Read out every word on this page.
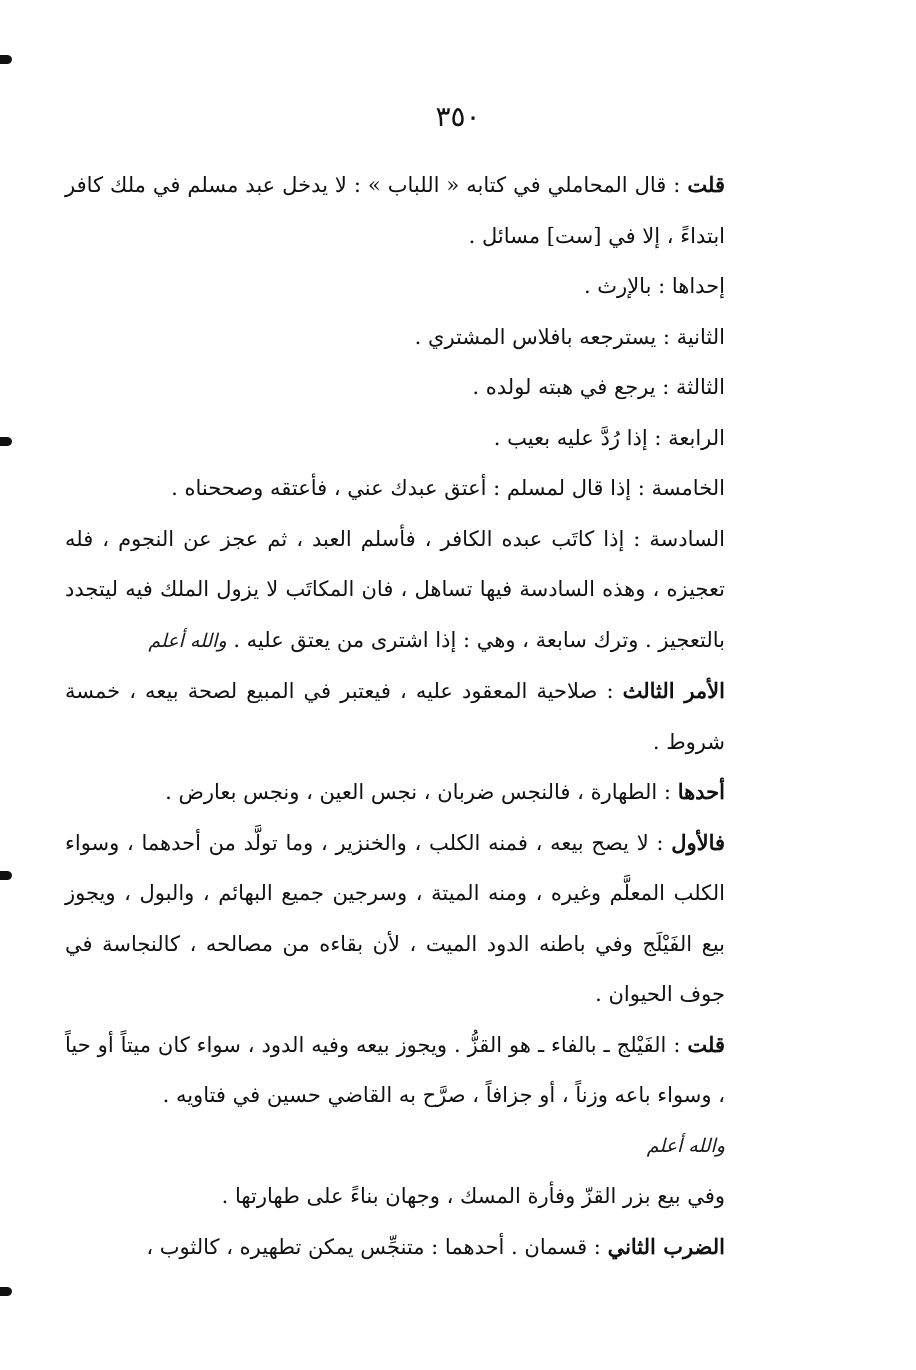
٣٥٠

قلت : قال المحاملي في كتابه « اللباب » : لا يدخل عبد مسلم في ملك كافر ابتداءً ، إلا في [ست] مسائل .

إحداها : بالإرث .

الثانية : يسترجعه بافلاس المشتري .

الثالثة : يرجع في هبته لولده .

الرابعة : إذا رُدَّ عليه بعيب .

الخامسة : إذا قال لمسلم : أعتق عبدك عني ، فأعتقه وصححناه .

السادسة : إذا كاتَب عبده الكافر ، فأسلم العبد ، ثم عجز عن النجوم ، فله تعجيزه ، وهذه السادسة فيها تساهل ، فان المكاتَب لا يزول الملك فيه ليتجدد بالتعجيز . وترك سابعة ، وهي : إذا اشترى من يعتق عليه . والله أعلم

الأمر الثالث : صلاحية المعقود عليه ، فيعتبر في المبيع لصحة بيعه ، خمسة شروط .

أحدها : الطهارة ، فالنجس ضربان ، نجس العين ، ونجس بعارض .

فالأول : لا يصح بيعه ، فمنه الكلب ، والخنزير ، وما تولَّد من أحدهما ، وسواء الكلب المعلَّم وغيره ، ومنه الميتة ، وسرجين جميع البهائم ، والبول ، ويجوز بيع الفَيْلَج وفي باطنه الدود الميت ، لأن بقاءه من مصالحه ، كالنجاسة في جوف الحيوان .

قلت : الفَيْلج ـ بالفاء ـ هو القزُّ . ويجوز بيعه وفيه الدود ، سواء كان ميتاً أو حياً ، وسواء باعه وزناً ، أو جزافاً ، صرَّح به القاضي حسين في فتاويه .
والله أعلم

وفي بيع بزر القزّ وفأرة المسك ، وجهان بناءً على طهارتها .

الضرب الثاني : قسمان . أحدهما : متنجِّس يمكن تطهيره ، كالثوب ،
